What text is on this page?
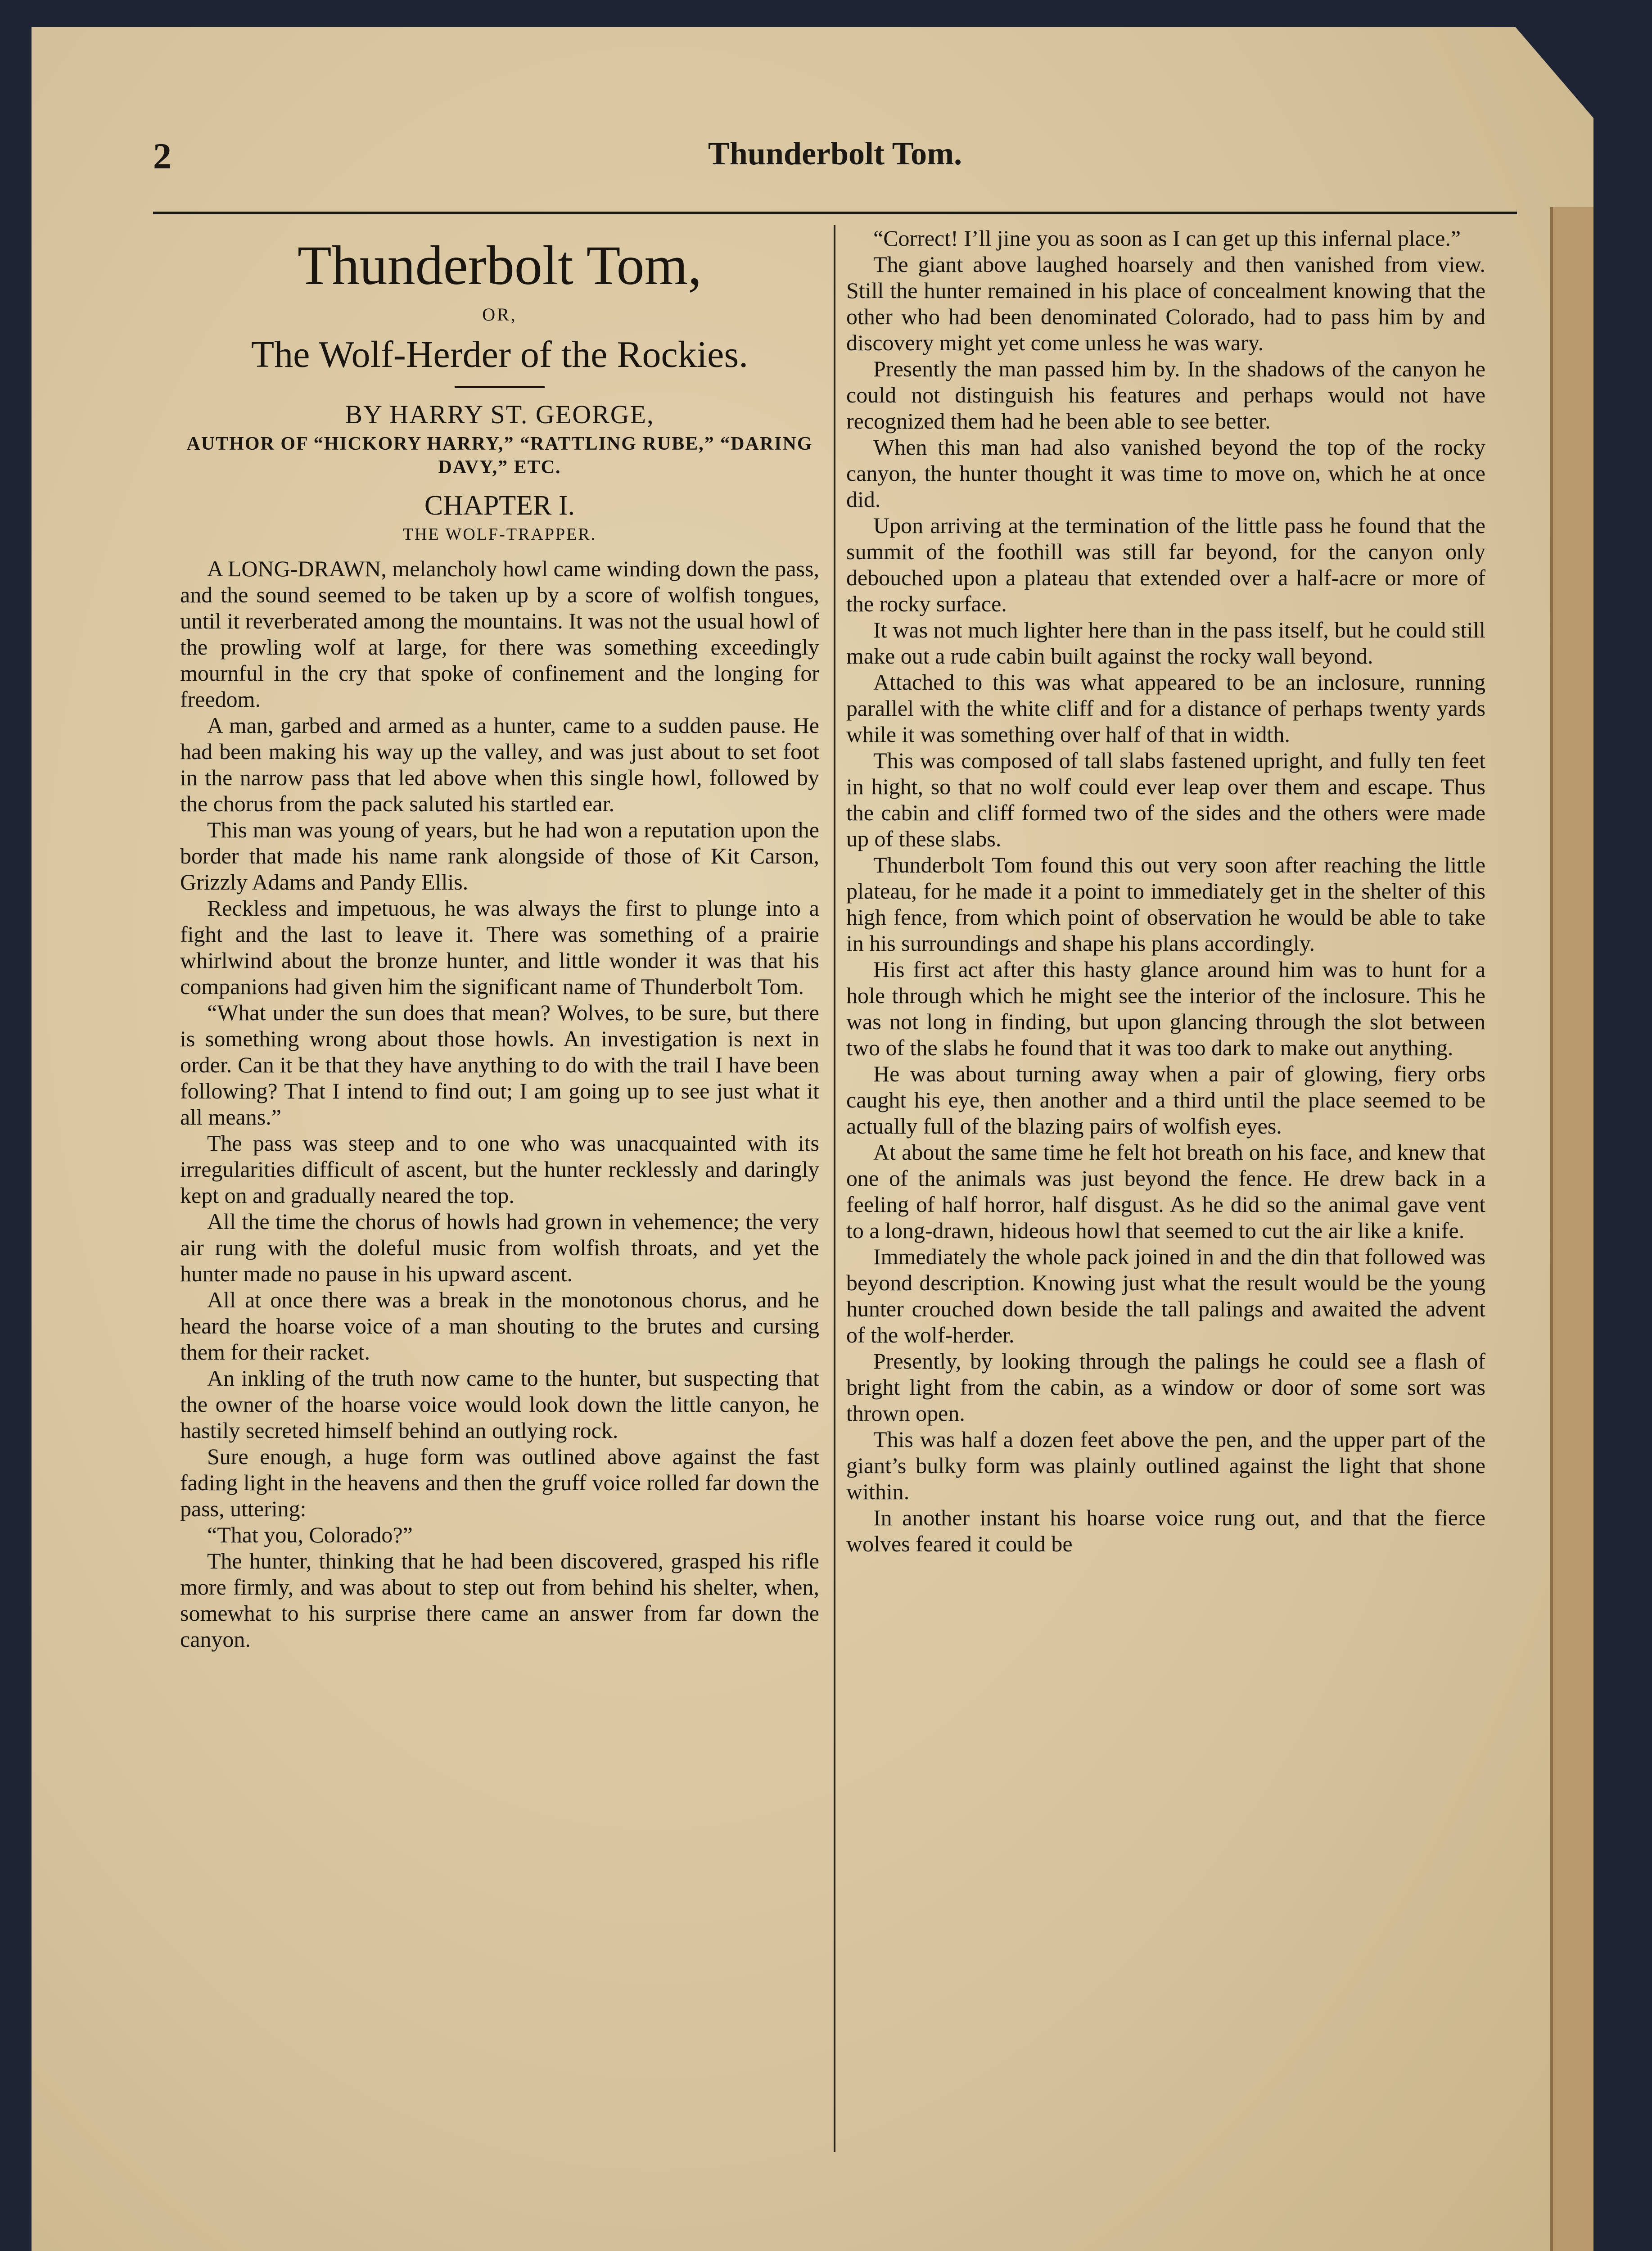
2	Thunderbolt Tom.
Thunderbolt Tom,
OR,
The Wolf-Herder of the Rockies.
BY HARRY ST. GEORGE,
AUTHOR OF “HICKORY HARRY,” “RATTLING RUBE,” “DARING DAVY,” ETC.
CHAPTER I.
THE WOLF-TRAPPER.

A LONG-DRAWN, melancholy howl came winding down the pass, and the sound seemed to be taken up by a score of wolfish tongues, until it reverberated among the mountains. It was not the usual howl of the prowling wolf at large, for there was something exceedingly mournful in the cry that spoke of confinement and the longing for freedom.

A man, garbed and armed as a hunter, came to a sudden pause. He had been making his way up the valley, and was just about to set foot in the narrow pass that led above when this single howl, followed by the chorus from the pack saluted his startled ear.

This man was young of years, but he had won a reputation upon the border that made his name rank alongside of those of Kit Carson, Grizzly Adams and Pandy Ellis.

Reckless and impetuous, he was always the first to plunge into a fight and the last to leave it. There was something of a prairie whirlwind about the bronze hunter, and little wonder it was that his companions had given him the significant name of Thunderbolt Tom.

“What under the sun does that mean? Wolves, to be sure, but there is something wrong about those howls. An investigation is next in order. Can it be that they have anything to do with the trail I have been following? That I intend to find out; I am going up to see just what it all means.”

The pass was steep and to one who was unacquainted with its irregularities difficult of ascent, but the hunter recklessly and daringly kept on and gradually neared the top.

All the time the chorus of howls had grown in vehemence; the very air rung with the doleful music from wolfish throats, and yet the hunter made no pause in his upward ascent.

All at once there was a break in the monotonous chorus, and he heard the hoarse voice of a man shouting to the brutes and cursing them for their racket.

An inkling of the truth now came to the hunter, but suspecting that the owner of the hoarse voice would look down the little canyon, he hastily secreted himself behind an outlying rock.

Sure enough, a huge form was outlined above against the fast fading light in the heavens and then the gruff voice rolled far down the pass, uttering:

“That you, Colorado?”

The hunter, thinking that he had been discovered, grasped his rifle more firmly, and was about to step out from behind his shelter, when, somewhat to his surprise there came an answer from far down the canyon.

“Correct! I’ll jine you as soon as I can get up this infernal place.”

The giant above laughed hoarsely and then vanished from view. Still the hunter remained in his place of concealment knowing that the other who had been denominated Colorado, had to pass him by and discovery might yet come unless he was wary.

Presently the man passed him by. In the shadows of the canyon he could not distinguish his features and perhaps would not have recognized them had he been able to see better.

When this man had also vanished beyond the top of the rocky canyon, the hunter thought it was time to move on, which he at once did.

Upon arriving at the termination of the little pass he found that the summit of the foothill was still far beyond, for the canyon only debouched upon a plateau that extended over a half-acre or more of the rocky surface.

It was not much lighter here than in the pass itself, but he could still make out a rude cabin built against the rocky wall beyond.

Attached to this was what appeared to be an inclosure, running parallel with the white cliff and for a distance of perhaps twenty yards while it was something over half of that in width.

This was composed of tall slabs fastened upright, and fully ten feet in hight, so that no wolf could ever leap over them and escape. Thus the cabin and cliff formed two of the sides and the others were made up of these slabs.

Thunderbolt Tom found this out very soon after reaching the little plateau, for he made it a point to immediately get in the shelter of this high fence, from which point of observation he would be able to take in his surroundings and shape his plans accordingly.

His first act after this hasty glance around him was to hunt for a hole through which he might see the interior of the inclosure. This he was not long in finding, but upon glancing through the slot between two of the slabs he found that it was too dark to make out anything.

He was about turning away when a pair of glowing, fiery orbs caught his eye, then another and a third until the place seemed to be actually full of the blazing pairs of wolfish eyes.

At about the same time he felt hot breath on his face, and knew that one of the animals was just beyond the fence. He drew back in a feeling of half horror, half disgust. As he did so the animal gave vent to a long-drawn, hideous howl that seemed to cut the air like a knife.

Immediately the whole pack joined in and the din that followed was beyond description. Knowing just what the result would be the young hunter crouched down beside the tall palings and awaited the advent of the wolf-herder.

Presently, by looking through the palings he could see a flash of bright light from the cabin, as a window or door of some sort was thrown open.

This was half a dozen feet above the pen, and the upper part of the giant’s bulky form was plainly outlined against the light that shone within.

In another instant his hoarse voice rung out, and that the fierce wolves feared it could be
